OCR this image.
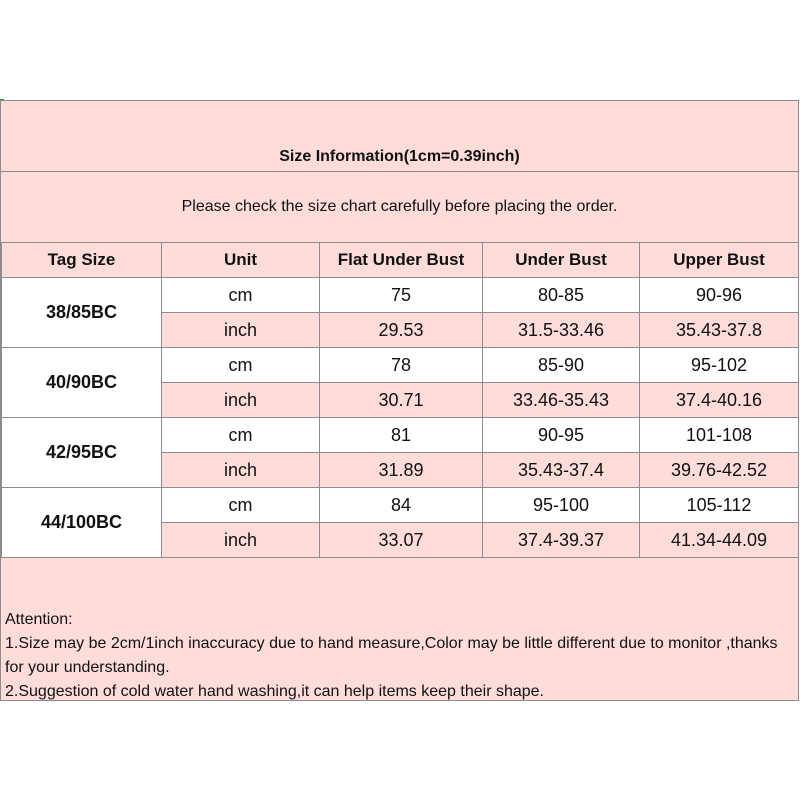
Size Information(1cm=0.39inch)
Please check the size chart carefully before placing the order.
Tag Size	Unit	Flat Under Bust	Under Bust	Upper Bust
38/85BC	cm	75	80-85	90-96
	inch	29.53	31.5-33.46	35.43-37.8
40/90BC	cm	78	85-90	95-102
	inch	30.71	33.46-35.43	37.4-40.16
42/95BC	cm	81	90-95	101-108
	inch	31.89	35.43-37.4	39.76-42.52
44/100BC	cm	84	95-100	105-112
	inch	33.07	37.4-39.37	41.34-44.09
Attention:
1.Size may be 2cm/1inch inaccuracy due to hand measure,Color may be little different due to monitor ,thanks for your understanding.
2.Suggestion of cold water hand washing,it can help items keep their shape.
